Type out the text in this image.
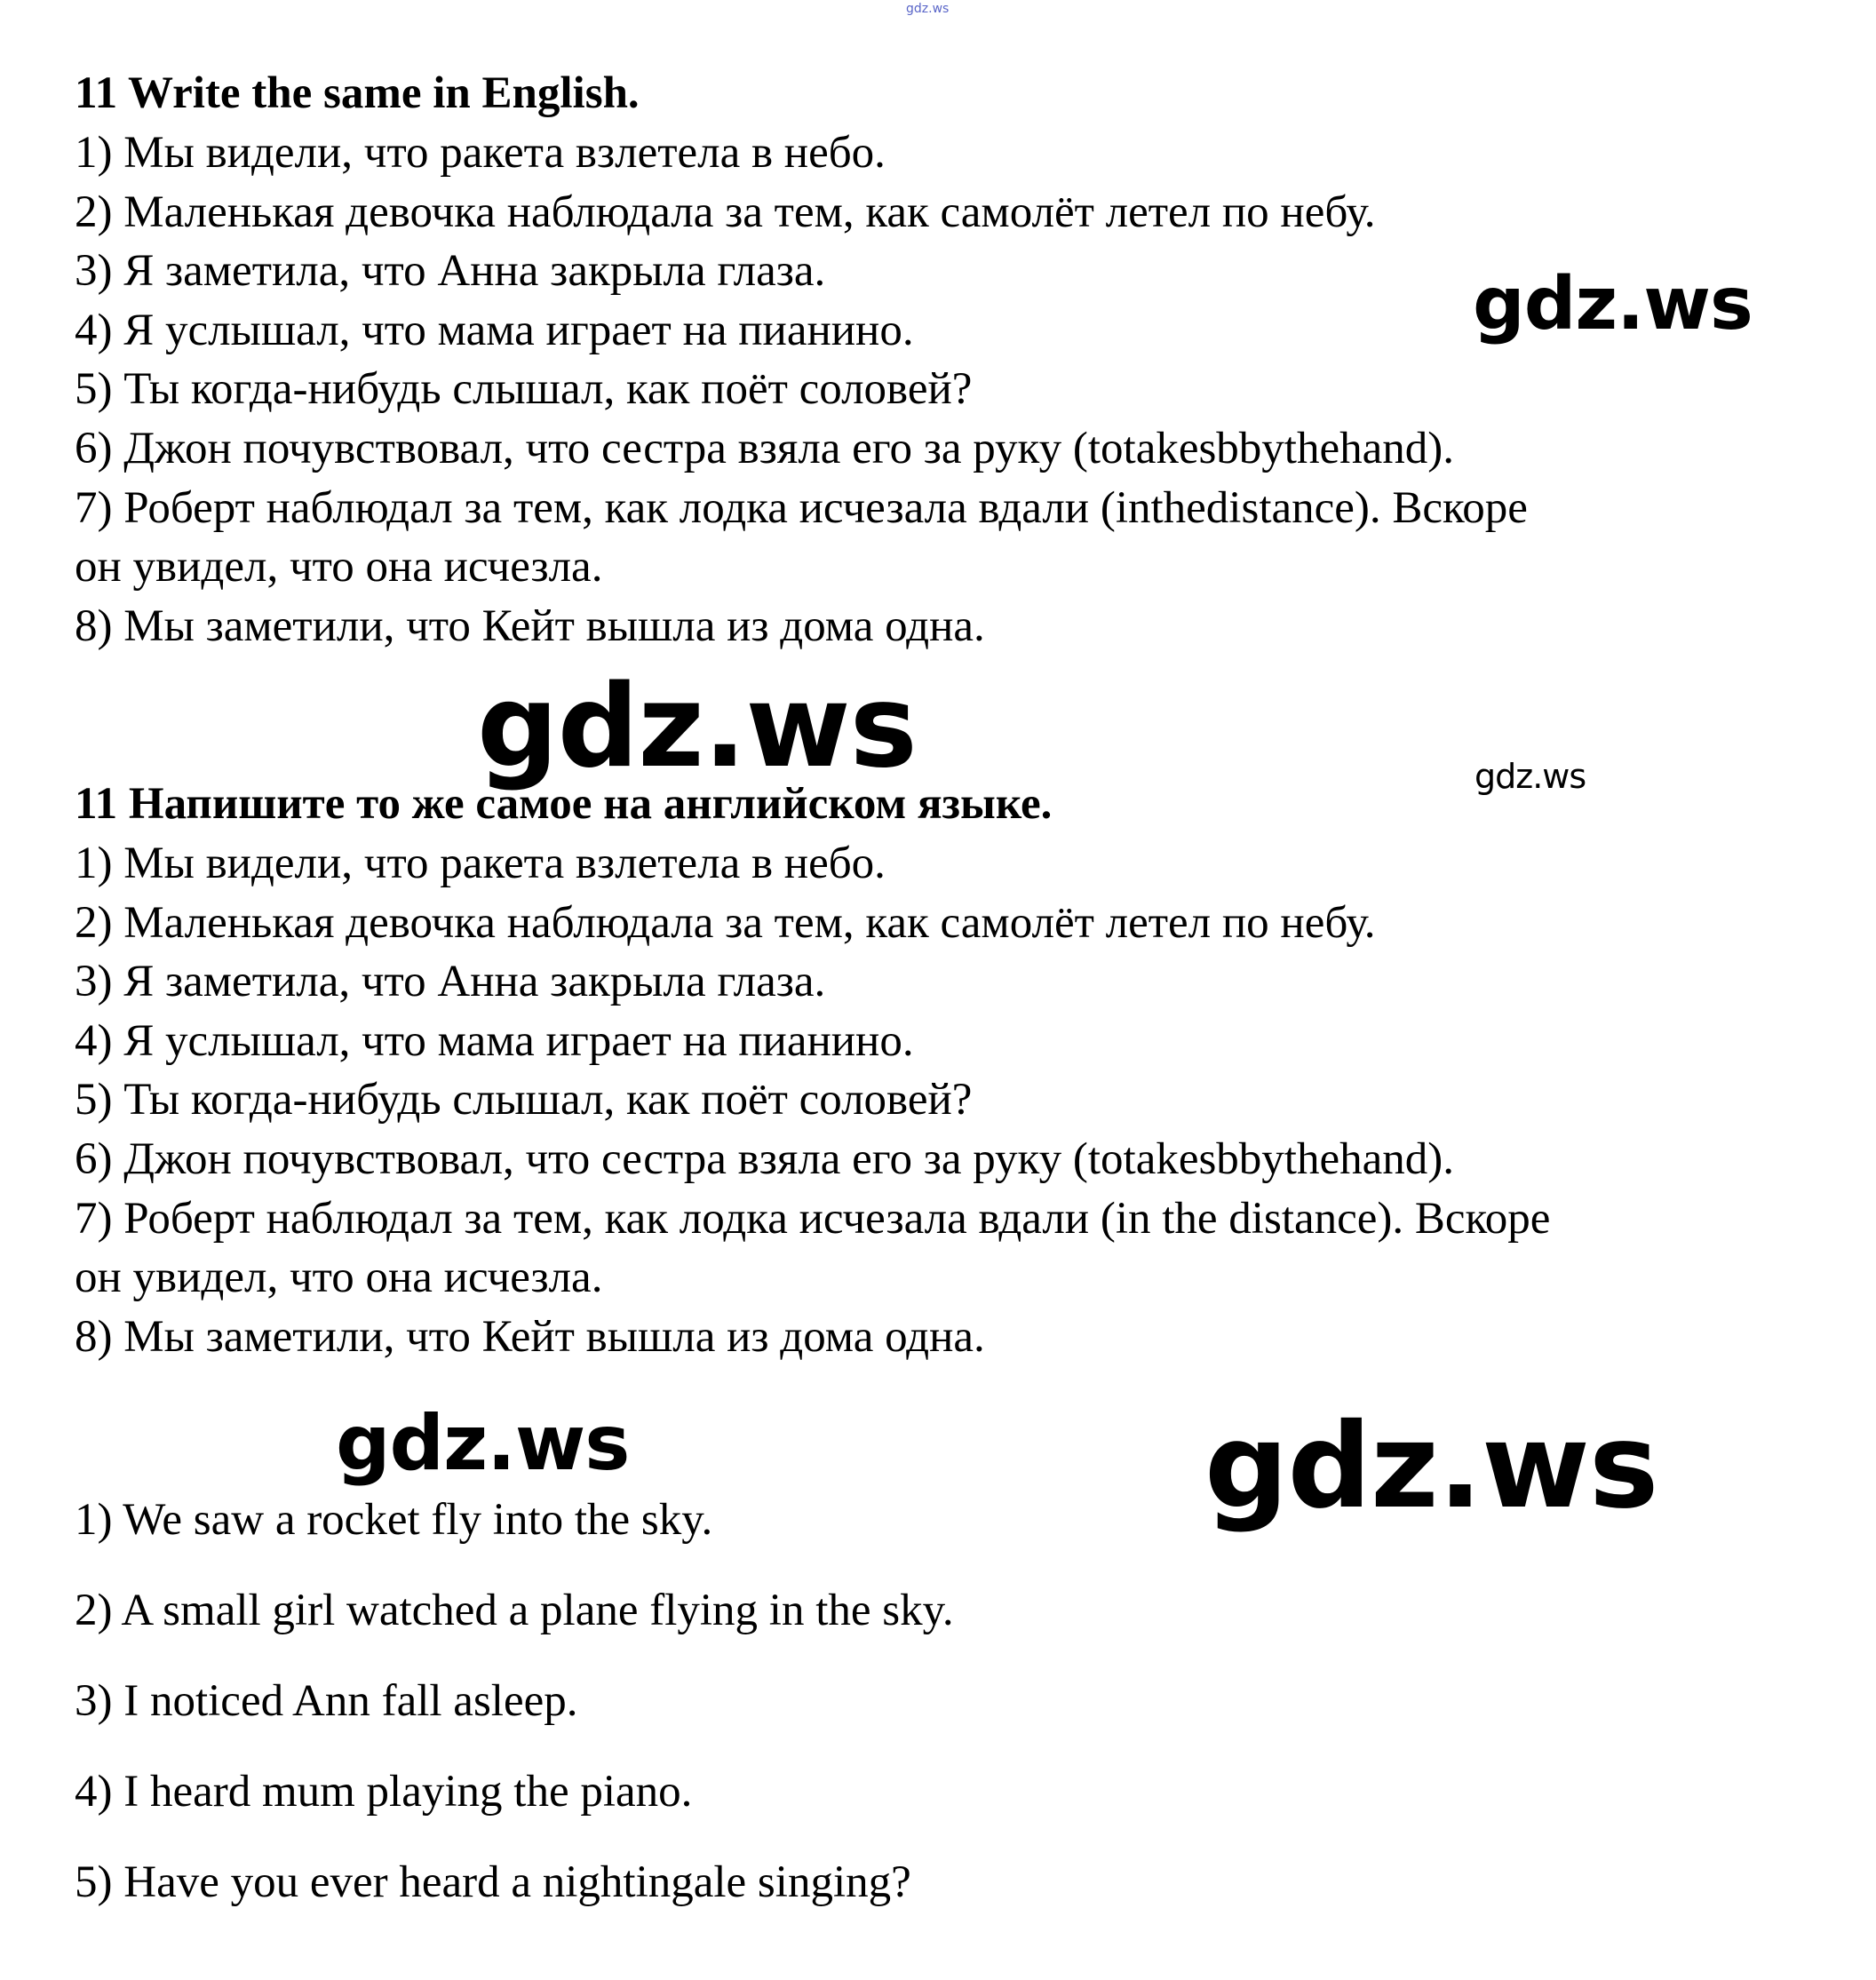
gdz.ws
11 Write the same in English.
1) Мы видели, что ракета взлетела в небо.
2) Маленькая девочка наблюдала за тем, как самолёт летел по небу.
3) Я заметила, что Анна закрыла глаза.
4) Я услышал, что мама играет на пианино.
5) Ты когда-нибудь слышал, как поёт соловей?
6) Джон почувствовал, что сестра взяла его за руку (totakesbbythehand).
7) Роберт наблюдал за тем, как лодка исчезала вдали (inthedistance). Вскоре
он увидел, что она исчезла.
8) Мы заметили, что Кейт вышла из дома одна.
11 Напишите то же самое на английском языке.
1) Мы видели, что ракета взлетела в небо.
2) Маленькая девочка наблюдала за тем, как самолёт летел по небу.
3) Я заметила, что Анна закрыла глаза.
4) Я услышал, что мама играет на пианино.
5) Ты когда-нибудь слышал, как поёт соловей?
6) Джон почувствовал, что сестра взяла его за руку (totakesbbythehand).
7) Роберт наблюдал за тем, как лодка исчезала вдали (in the distance). Вскоре
он увидел, что она исчезла.
8) Мы заметили, что Кейт вышла из дома одна.
1) We saw a rocket fly into the sky.
2) A small girl watched a plane flying in the sky.
3) I noticed Ann fall asleep.
4) I heard mum playing the piano.
5) Have you ever heard a nightingale singing?
gdz.ws
gdz.ws	gdz.ws
gdz.ws	gdz.ws
